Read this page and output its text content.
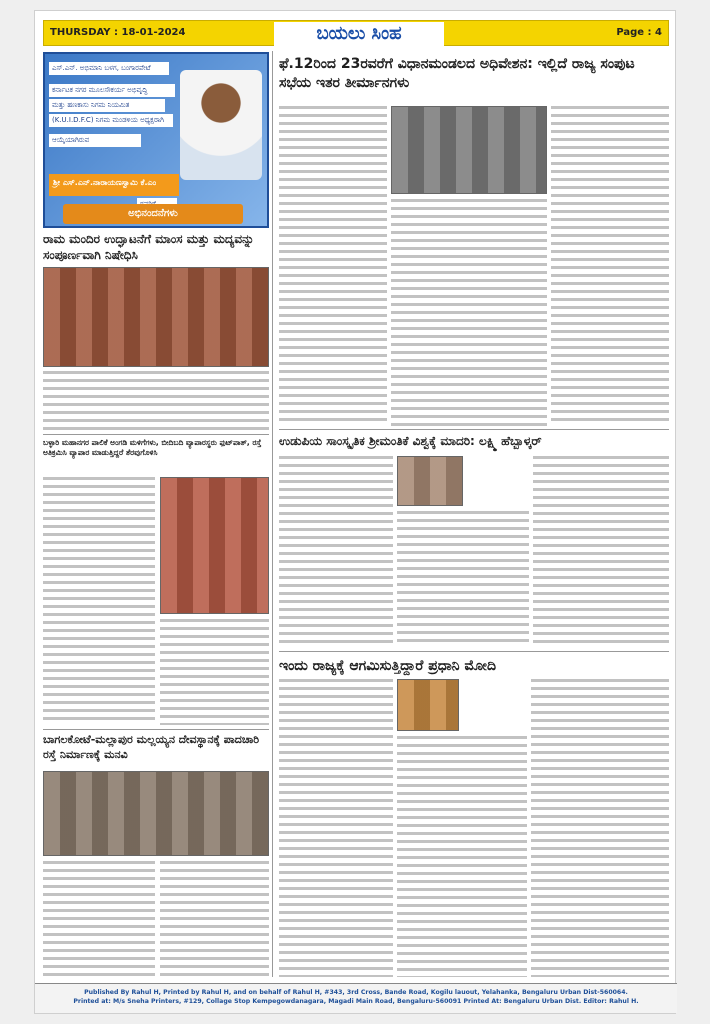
THURSDAY : 18-01-2024	ಬಯಲು ಸಿಂಹ	Page : 4
ಎಸ್.ಎನ್. ಅಭಿಮಾನಿ ಬಳಗ, ಬಂಗಾರಪೇಟೆ
ಕರ್ನಾಟಕ ನಗರ ಮೂಲಸೌಕರ್ಯ ಅಭಿವೃದ್ಧಿ
ಮತ್ತು ಹಣಕಾಸು ನಿಗಮ ನಿಯಮಿತ
(K.U.I.D.F.C) ನಿಗಮ ಮಂಡಳಿಯ ಅಧ್ಯಕ್ಷರಾಗಿ
ಆಯ್ಕೆಯಾಗಿರುವ
ಶ್ರೀ ಎಸ್.ಎನ್.ನಾರಾಯಣಸ್ವಾಮಿ ಕೆ.ಎಂ
ಅಭಿನಂದನೆಗಳು
ರಾಮ ಮಂದಿರ ಉದ್ಘಾಟನೆಗೆ ಮಾಂಸ ಮತ್ತು ಮದ್ಯವನ್ನು ಸಂಪೂರ್ಣವಾಗಿ ನಿಷೇಧಿಸಿ
ಬಳ್ಳಾರಿ ಮಹಾನಗರ ಪಾಲಿಕೆ ಅಂಗಡಿ ಮಳಿಗೆಗಳು, ಬೀದಿಬದಿ ವ್ಯಾಪಾರಸ್ಥರು ಫುಟ್‌ಪಾತ್, ರಸ್ತೆ ಅತಿಕ್ರಮಿಸಿ ವ್ಯಾಪಾರ ಮಾಡುತ್ತಿದ್ದರೆ ತೆರವುಗೊಳಿಸಿ
ಬಾಗಲಕೋಟೆ-ಮಲ್ಲಾಪುರ ಮಲ್ಲಯ್ಯನ ದೇವಸ್ಥಾನಕ್ಕೆ ಪಾದಚಾರಿ ರಸ್ತೆ ನಿರ್ಮಾಣಕ್ಕೆ ಮನವಿ
ಫೆ.12ರಿಂದ 23ರವರೆಗೆ ವಿಧಾನಮಂಡಲದ ಅಧಿವೇಶನ: ಇಲ್ಲಿದೆ ರಾಜ್ಯ ಸಂಪುಟ ಸಭೆಯ ಇತರ ತೀರ್ಮಾನಗಳು
ಉಡುಪಿಯ ಸಾಂಸ್ಕೃತಿಕ ಶ್ರೀಮಂತಿಕೆ ವಿಶ್ವಕ್ಕೆ ಮಾದರಿ: ಲಕ್ಷ್ಮಿ ಹೆಬ್ಬಾಳ್ಕರ್
ಇಂದು ರಾಜ್ಯಕ್ಕೆ ಆಗಮಿಸುತ್ತಿದ್ದಾರೆ ಪ್ರಧಾನಿ ಮೋದಿ
Published By Rahul H, Printed by Rahul H, and on behalf of Rahul H, #343, 3rd Cross, Bande Road, Kogilu lauout, Yelahanka, Bengaluru Urban Dist-560064.
Printed at: M/s Sneha Printers, #129, Collage Stop Kempegowdanagara, Magadi Main Road, Bengaluru-560091 Printed At: Bengaluru Urban Dist. Editor: Rahul H.
